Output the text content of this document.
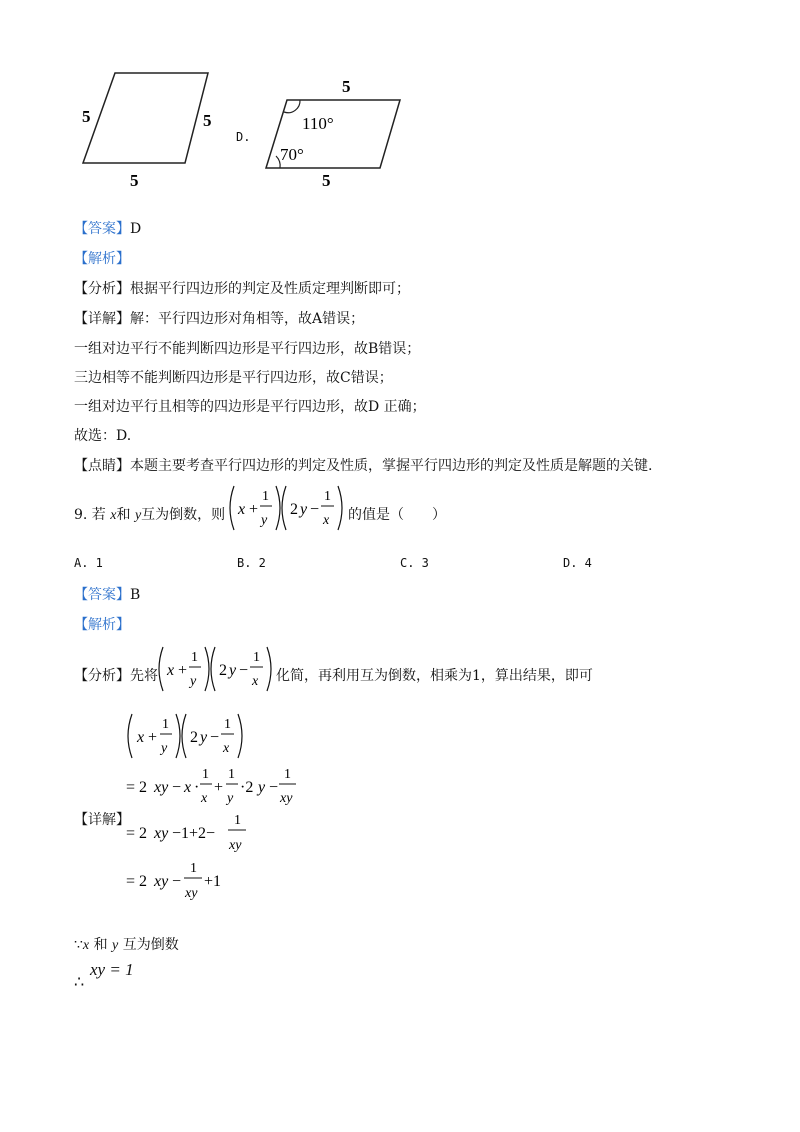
5	5
5
D.
5
110°
70°
5
【答案】D
【解析】
【分析】根据平行四边形的判定及性质定理判断即可；
【详解】解：平行四边形对角相等，故A错误；
一组对边平行不能判断四边形是平行四边形，故B错误；
三边相等不能判断四边形是平行四边形，故C错误；
一组对边平行且相等的四边形是平行四边形，故D 正确；
故选：D.
【点睛】本题主要考查平行四边形的判定及性质，掌握平行四边形的判定及性质是解题的关键.
9. 若 x和 y互为倒数，则 x +
1
y
2 y −
1
x 的值是（　　）
A. 1	B. 2	C. 3	D. 4
【答案】B
【解析】
【分析】先将 x +
1
y
2 y −
1
x 化简，再利用互为倒数，相乘为1，算出结果，即可
【详解】
x +
1
y
2 y −
1
x
= 2 xy − x ·
1
x
+
1
y
·2 y −
1
xy
= 2 xy −1+2−
1
xy
= 2 xy −
1
xy
+1
∵x 和 y 互为倒数
∴
xy = 1
